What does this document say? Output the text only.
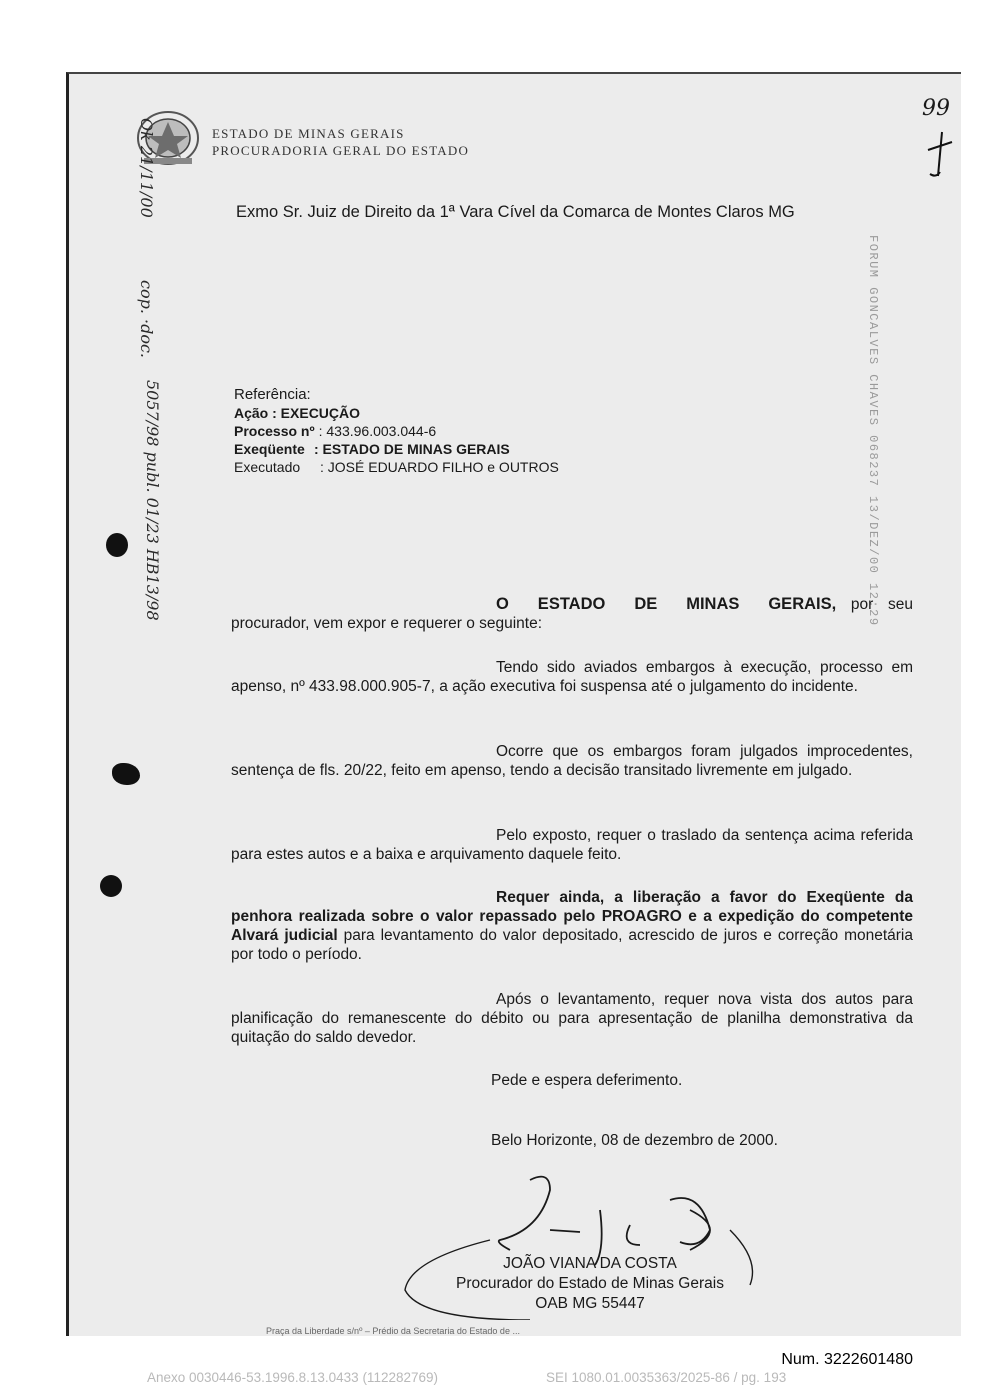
ESTADO DE MINAS GERAIS
PROCURADORIA GERAL DO ESTADO
99
Exmo Sr. Juiz de Direito da 1ª Vara Cível da Comarca de Montes Claros MG
FORUM GONCALVES CHAVES 068237 13/DEZ/00 12:29
Ok 21/11/00
cop. ·doc.
5057/98 publ. 01/23 HB13/98	Referência:
Ação : EXECUÇÃO
Processo nº : 433.96.003.044-6
Exeqüente : ESTADO DE MINAS GERAIS
Executado	: JOSÉ EDUARDO FILHO e OUTROS
O ESTADO DE MINAS GERAIS, por seu procurador, vem expor e requerer o seguinte:
Tendo sido aviados embargos à execução, processo em apenso, nº 433.98.000.905-7, a ação executiva foi suspensa até o julgamento do incidente.
Ocorre que os embargos foram julgados improcedentes, sentença de fls. 20/22, feito em apenso, tendo a decisão transitado livremente em julgado.
Pelo exposto, requer o traslado da sentença acima referida para estes autos e a baixa e arquivamento daquele feito.
Requer ainda, a liberação a favor do Exeqüente da penhora realizada sobre o valor repassado pelo PROAGRO e a expedição do competente Alvará judicial para levantamento do valor depositado, acrescido de juros e correção monetária por todo o período.
Após o levantamento, requer nova vista dos autos para planificação do remanescente do débito ou para apresentação de planilha demonstrativa da quitação do saldo devedor.
Pede e espera deferimento.
Belo Horizonte, 08 de dezembro de 2000.
JOÃO VIANA DA COSTA
Procurador do Estado de Minas Gerais
OAB MG 55447
Praça da Liberdade s/nº – Prédio da Secretaria do Estado de ...
Num. 3222601480
Anexo 0030446-53.1996.8.13.0433 (112282769)	SEI 1080.01.0035363/2025-86 / pg. 193
